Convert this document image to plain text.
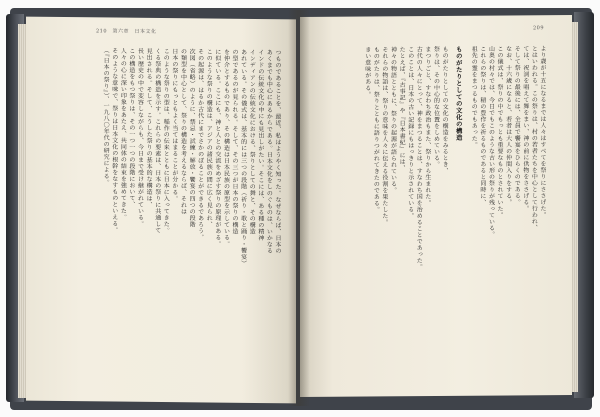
210　第六章　日本文化
つものであることを、最近、私はようやく知った。なぜならば、日本の
あくまでも中心にあるからである。日本文化をしのぐものは、いかなる
インドの伝統文化の中にも見出しがたい。そこには、ある種の精神
インディアンの伝統文化における、祭りとしての舞と、その構造
あれている。その儀式は、基本的には三つの段階（祈り・歌と踊り・饗宴）
の型であるのが見られる。そして、その三つが日本の祭りの構造
を仲介とするものであり、その構造は日本民族の原型を示している。
に似ている。ここにも、神と人との交流をめざす祭りの原理がある。
このような祭りの構造は、アジアの諸民族の間に広く見られ、
その起源は、はるか古代にまでさかのぼることができるであろう。
次図（省略）のように、禁忌・試練・解放・饗宴の四つの段階
の類型を中心として、祭りの構造を考えるならば、それは
日本の祭りにもっともよく当てはまることが分かる。
このような祭りの型は、稲作の伝来とともに日本に入ってきた。
くる祭典の構造を示す。これらの要素は、日本の祭りに共通して
見出される。そして、こうした祭りの基本的な構造は、
長い歴史の中で変容しながらも、今日まで受け継がれている。
この構造をもつ祭りは、その一つ一つの段階において、
人々の心に深い印象をあたえ、共同体の結束を強めてきた。
そのような意味で、祭りは日本文化の根幹をなすものといえる。
（『日本の祭り』）、一九八〇年代の研究による。
209
より歳が十五になるまでは人々はすべてを祭りにささげた。
とはいわれる。この祭りは、村の若者たちを中心として行われ、
ては、祝詞を唱えて舞をまい、神の前に供物をささげる。
そして祭りの最後には、全員で饗宴をひらくのである。
なお、十六歳になると、若者は大人の仲間入りをする。
この儀式は、祭りの中でもっとも重要なものとされていた。
山奥の村々では、今日でもこのような古い形の祭りが残っている。
これらの祭りは、稲の豊作を祈るものであると同時に、
祖先の霊をまつるものでもあった。
ものがたりとしての文化の構造
ものがたりとしての文化の構造をみるとき、
祭りは、その中心的な位置をしめている。
まつりごと、すなわち政治もまた、祭りから生まれた。
古代の人々にとって、神をまつることは、すなわち国を治めることであった。
このことは、日本の古い記録にもはっきりと示されている。
たとえば、『古事記』や『日本書紀』には、
神々の物語とともに、祭りの起源が語られている。
それらの物語は、祭りの意味を人々に伝える役割を果たした。
ものがたりは、祭りとともに語りつがれてきたのである。
きい意味がある。
